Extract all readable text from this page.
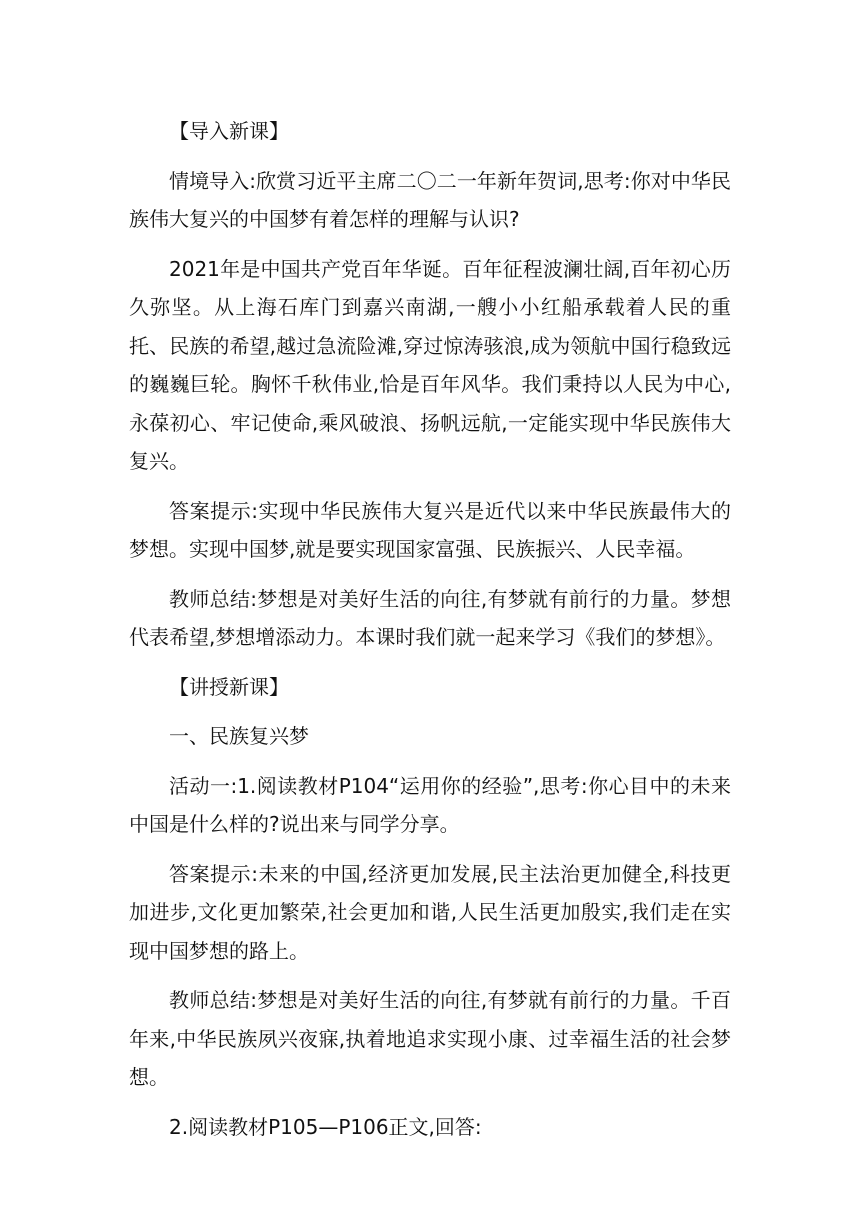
【导入新课】

情境导入:欣赏习近平主席二〇二一年新年贺词,思考:你对中华民族伟大复兴的中国梦有着怎样的理解与认识?

2021年是中国共产党百年华诞。百年征程波澜壮阔,百年初心历久弥坚。从上海石库门到嘉兴南湖,一艘小小红船承载着人民的重托、民族的希望,越过急流险滩,穿过惊涛骇浪,成为领航中国行稳致远的巍巍巨轮。胸怀千秋伟业,恰是百年风华。我们秉持以人民为中心,永葆初心、牢记使命,乘风破浪、扬帆远航,一定能实现中华民族伟大复兴。

答案提示:实现中华民族伟大复兴是近代以来中华民族最伟大的梦想。实现中国梦,就是要实现国家富强、民族振兴、人民幸福。

教师总结:梦想是对美好生活的向往,有梦就有前行的力量。梦想代表希望,梦想增添动力。本课时我们就一起来学习《我们的梦想》。

【讲授新课】

一、民族复兴梦

活动一:1.阅读教材P104“运用你的经验”,思考:你心目中的未来中国是什么样的?说出来与同学分享。

答案提示:未来的中国,经济更加发展,民主法治更加健全,科技更加进步,文化更加繁荣,社会更加和谐,人民生活更加殷实,我们走在实现中国梦想的路上。

教师总结:梦想是对美好生活的向往,有梦就有前行的力量。千百年来,中华民族夙兴夜寐,执着地追求实现小康、过幸福生活的社会梦想。

2.阅读教材P105—P106正文,回答:
